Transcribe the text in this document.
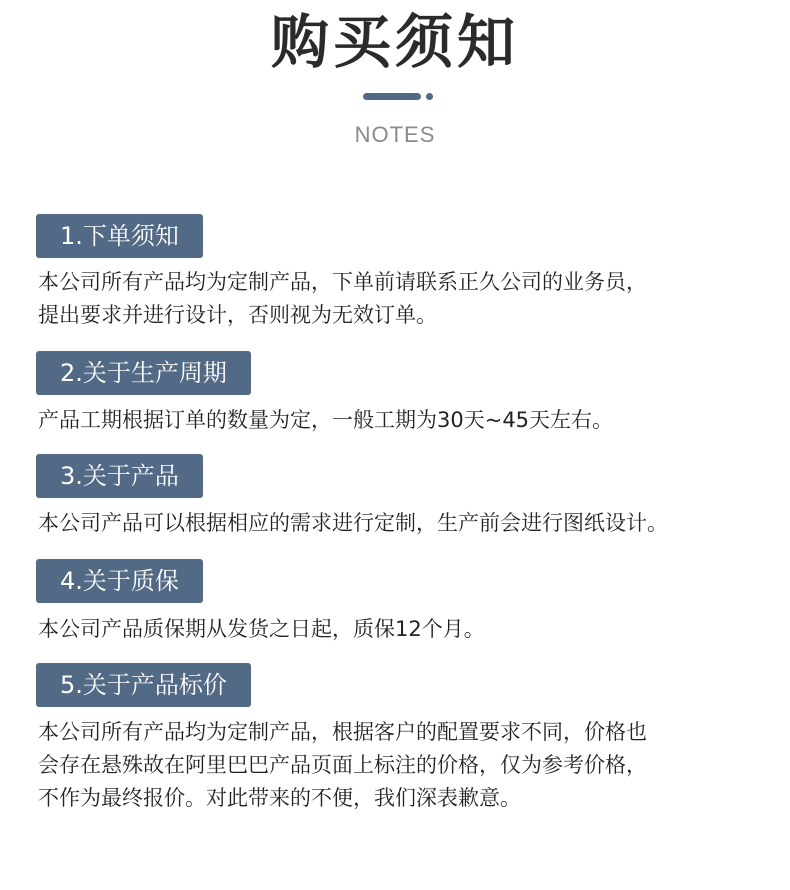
购买须知
NOTES
1.下单须知
本公司所有产品均为定制产品，下单前请联系正久公司的业务员，
提出要求并进行设计，否则视为无效订单。
2.关于生产周期
产品工期根据订单的数量为定，一般工期为30天~45天左右。
3.关于产品
本公司产品可以根据相应的需求进行定制，生产前会进行图纸设计。
4.关于质保
本公司产品质保期从发货之日起，质保12个月。
5.关于产品标价
本公司所有产品均为定制产品，根据客户的配置要求不同，价格也
会存在悬殊故在阿里巴巴产品页面上标注的价格，仅为参考价格，
不作为最终报价。对此带来的不便，我们深表歉意。
